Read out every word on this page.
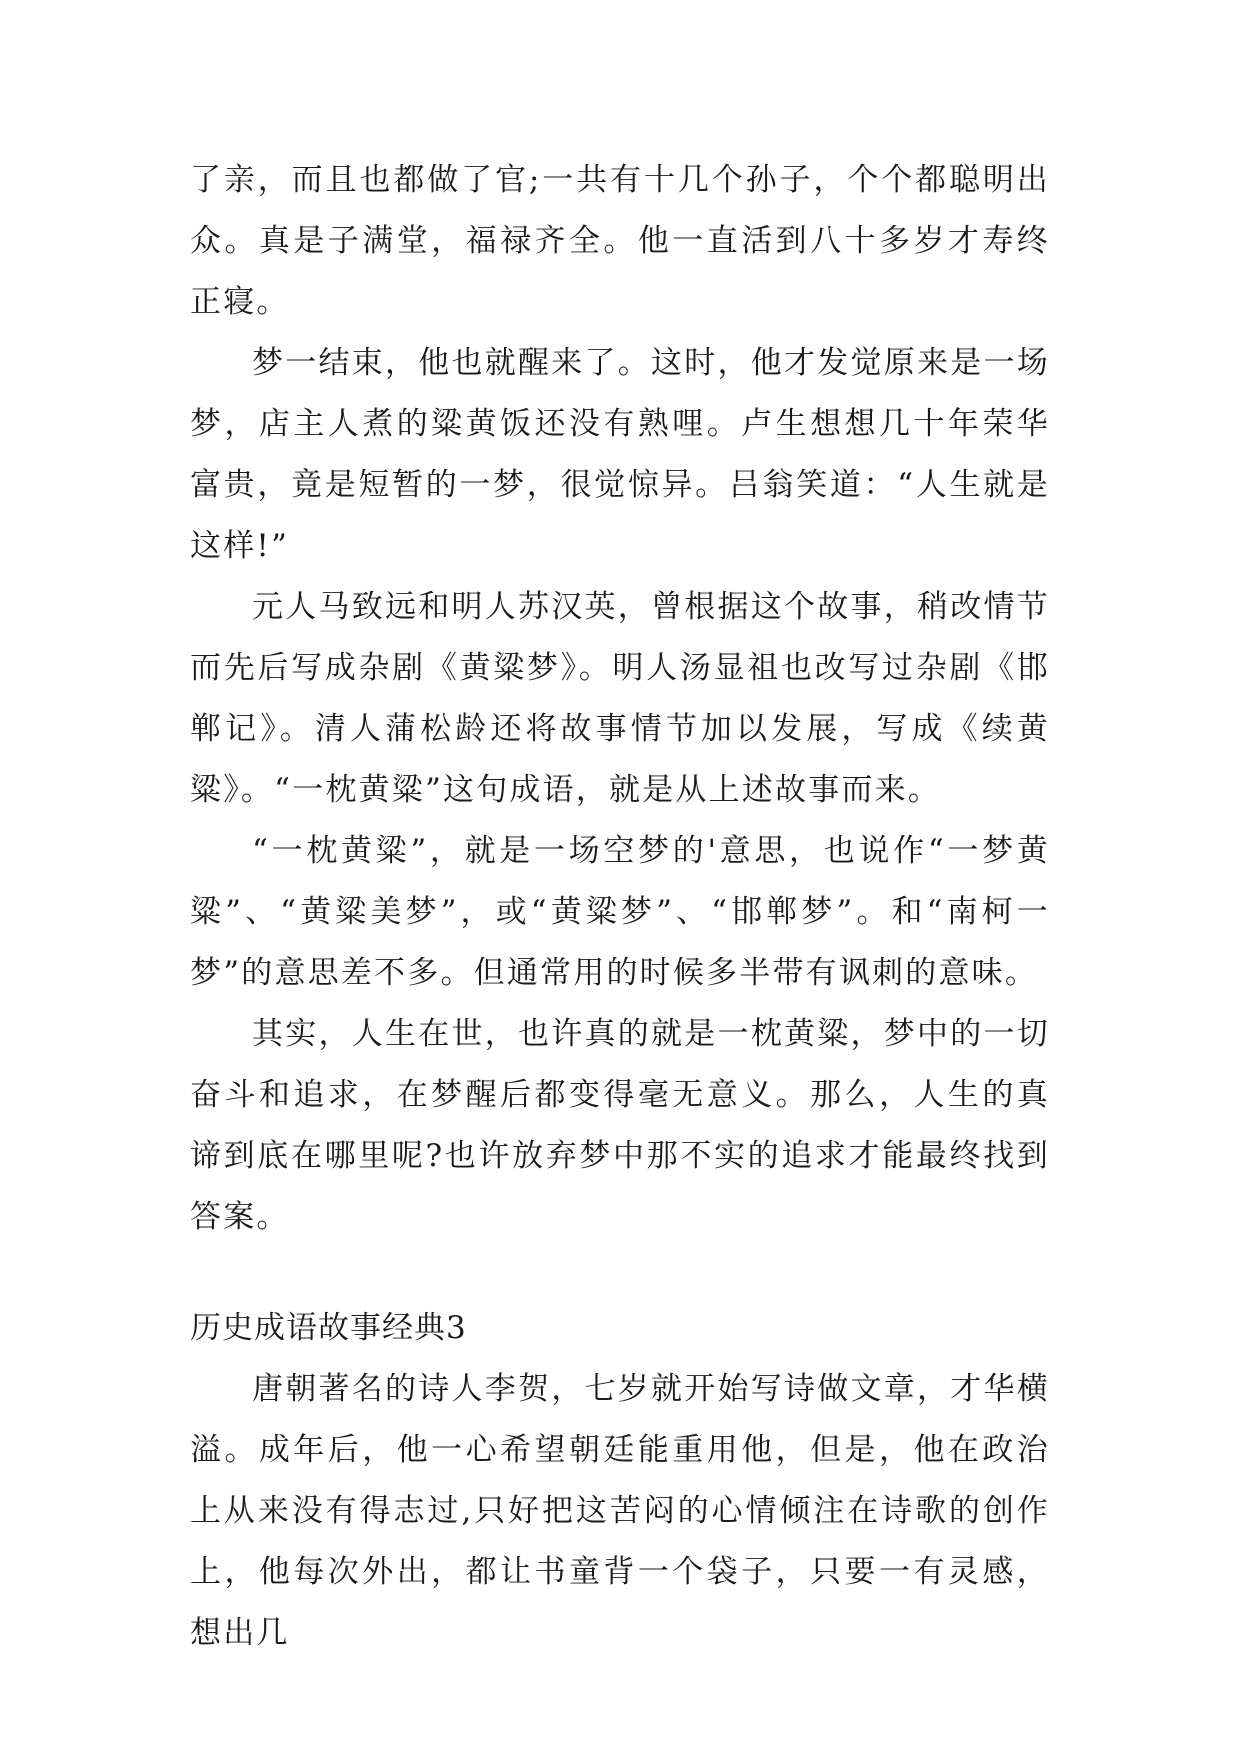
了亲，而且也都做了官;一共有十几个孙子，个个都聪明出众。真是子满堂，福禄齐全。他一直活到八十多岁才寿终正寝。

梦一结束，他也就醒来了。这时，他才发觉原来是一场梦，店主人煮的粱黄饭还没有熟哩。卢生想想几十年荣华富贵，竟是短暂的一梦，很觉惊异。吕翁笑道：“人生就是这样!”

元人马致远和明人苏汉英，曾根据这个故事，稍改情节而先后写成杂剧《黄粱梦》。明人汤显祖也改写过杂剧《邯郸记》。清人蒲松龄还将故事情节加以发展，写成《续黄粱》。“一枕黄粱”这句成语，就是从上述故事而来。

“一枕黄粱”，就是一场空梦的'意思，也说作“一梦黄粱”、“黄粱美梦”，或“黄粱梦”、“邯郸梦”。和“南柯一梦”的意思差不多。但通常用的时候多半带有讽刺的意味。

其实，人生在世，也许真的就是一枕黄粱，梦中的一切奋斗和追求，在梦醒后都变得毫无意义。那么，人生的真谛到底在哪里呢?也许放弃梦中那不实的追求才能最终找到答案。

历史成语故事经典3

唐朝著名的诗人李贺，七岁就开始写诗做文章，才华横溢。成年后，他一心希望朝廷能重用他，但是，他在政治上从来没有得志过,只好把这苦闷的心情倾注在诗歌的创作上，他每次外出，都让书童背一个袋子，只要一有灵感，想出几
